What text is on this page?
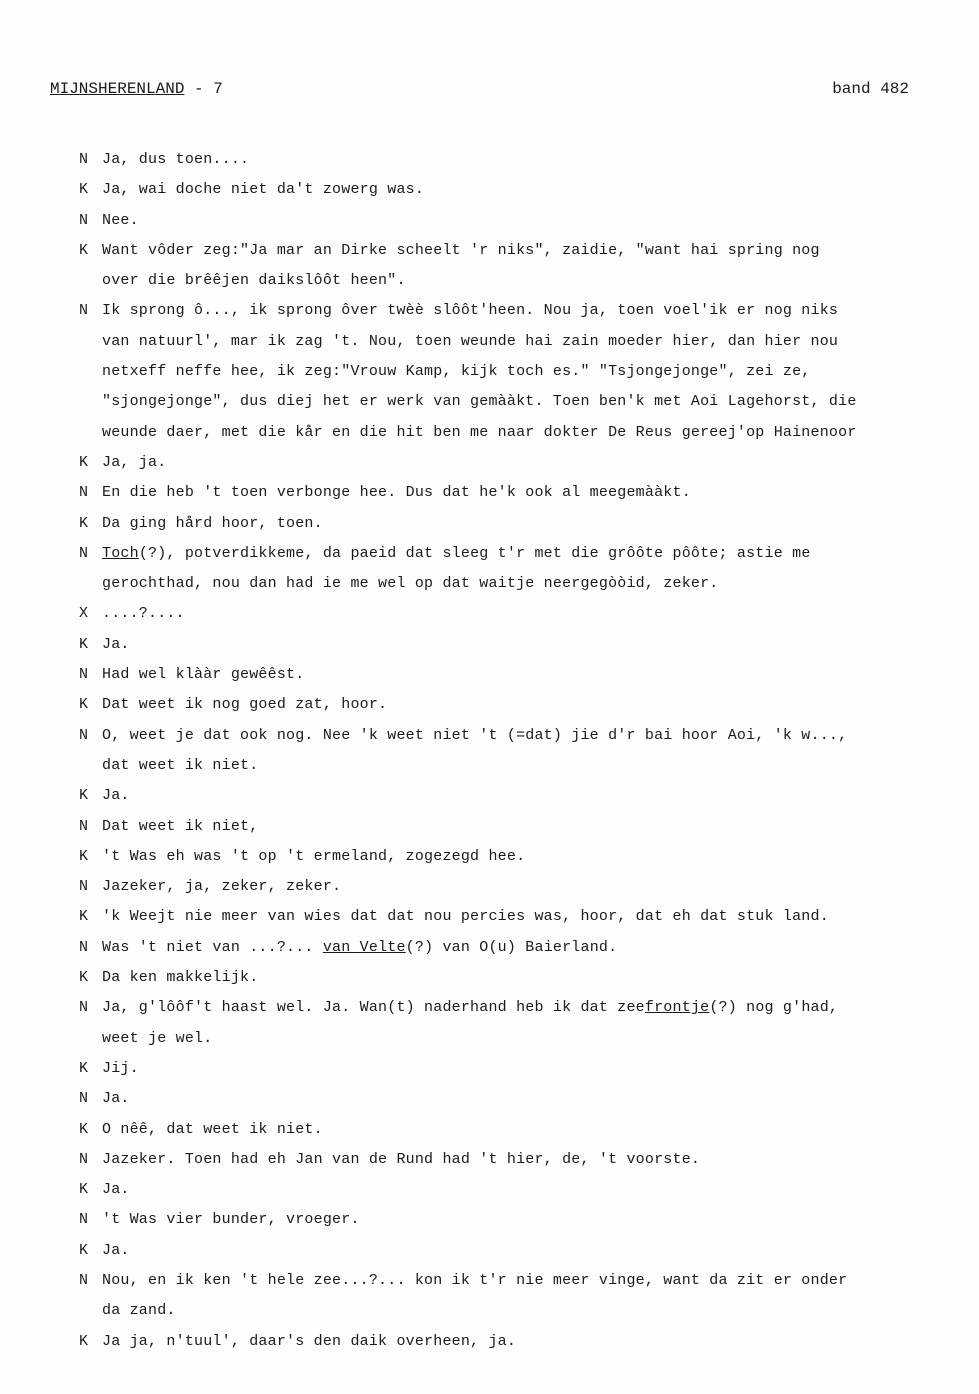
MIJNSHERENLAND - 7	band 482
N Ja, dus toen....
K Ja, wai doche niet da't zowerg was.
N Nee.
K Want vôder zeg:"Ja mar an Dirke scheelt 'r niks", zaidie, "want hai spring nog
over die brêêjen daikslôôt heen".
N Ik sprong ô..., ik sprong ôver twèè slôôt'heen. Nou ja, toen voel'ik er nog niks
van natuurl', mar ik zag 't. Nou, toen weunde hai zain moeder hier, dan hier nou
netxeff neffe hee, ik zeg:"Vrouw Kamp, kijk toch es." "Tsjongejonge", zei ze,
"sjongejonge", dus diej het er werk van gemààkt. Toen ben'k met Aoi Lagehorst, die
weunde daer, met die kår en die hit ben me naar dokter De Reus gereej'op Hainenoor
K Ja, ja.
N En die heb 't toen verbonge hee. Dus dat he'k ook al meegemààkt.
K Da ging hård hoor, toen.
N Toch(?), potverdikkeme, da paeid dat sleeg t'r met die grôôte pôôte; astie me
gerochthad, nou dan had ie me wel op dat waitje neergegòòid, zeker.
X ....?....
K Ja.
N Had wel klààr gewêêst.
K Dat weet ik nog goed zat, hoor.
N O, weet je dat ook nog. Nee 'k weet niet 't (=dat) jie d'r bai hoor Aoi, 'k w...,
dat weet ik niet.
K Ja.
N Dat weet ik niet,
K 't Was eh was 't op 't ermeland, zogezegd hee.
N Jazeker, ja, zeker, zeker.
K 'k Weejt nie meer van wies dat dat nou percies was, hoor, dat eh dat stuk land.
N Was 't niet van ...?... van Velte(?) van O(u) Baierland.
K Da ken makkelijk.
N Ja, g'lôôf't haast wel. Ja. Wan(t) naderhand heb ik dat zeefrontje(?) nog g'had,
weet je wel.
K Jij.
N Ja.
K O nêê, dat weet ik niet.
N Jazeker. Toen had eh Jan van de Rund had 't hier, de, 't voorste.
K Ja.
N 't Was vier bunder, vroeger.
K Ja.
N Nou, en ik ken 't hele zee...?... kon ik t'r nie meer vinge, want da zit er onder
da zand.
K Ja ja, n'tuul', daar's den daik overheen, ja.
